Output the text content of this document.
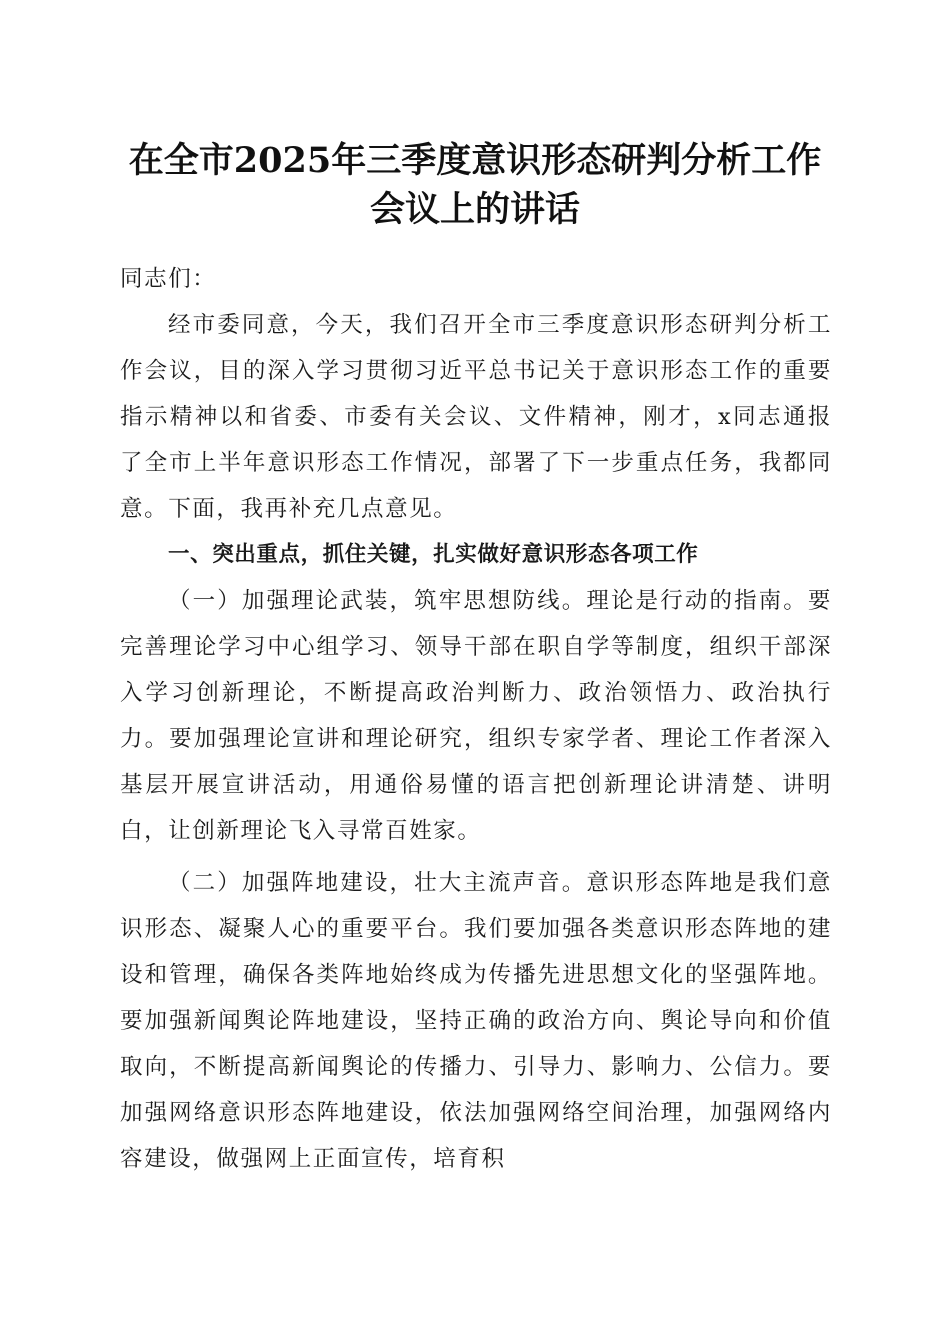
在全市2025年三季度意识形态研判分析工作
会议上的讲话

同志们：

经市委同意，今天，我们召开全市三季度意识形态研判分析工作会议，目的深入学习贯彻习近平总书记关于意识形态工作的重要指示精神以和省委、市委有关会议、文件精神，刚才，x同志通报了全市上半年意识形态工作情况，部署了下一步重点任务，我都同意。下面，我再补充几点意见。

一、突出重点，抓住关键，扎实做好意识形态各项工作

（一）加强理论武装，筑牢思想防线。理论是行动的指南。要完善理论学习中心组学习、领导干部在职自学等制度，组织干部深入学习创新理论，不断提高政治判断力、政治领悟力、政治执行力。要加强理论宣讲和理论研究，组织专家学者、理论工作者深入基层开展宣讲活动，用通俗易懂的语言把创新理论讲清楚、讲明白，让创新理论飞入寻常百姓家。

（二）加强阵地建设，壮大主流声音。意识形态阵地是我们意识形态、凝聚人心的重要平台。我们要加强各类意识形态阵地的建设和管理，确保各类阵地始终成为传播先进思想文化的坚强阵地。要加强新闻舆论阵地建设，坚持正确的政治方向、舆论导向和价值取向，不断提高新闻舆论的传播力、引导力、影响力、公信力。要加强网络意识形态阵地建设，依法加强网络空间治理，加强网络内容建设，做强网上正面宣传，培育积
